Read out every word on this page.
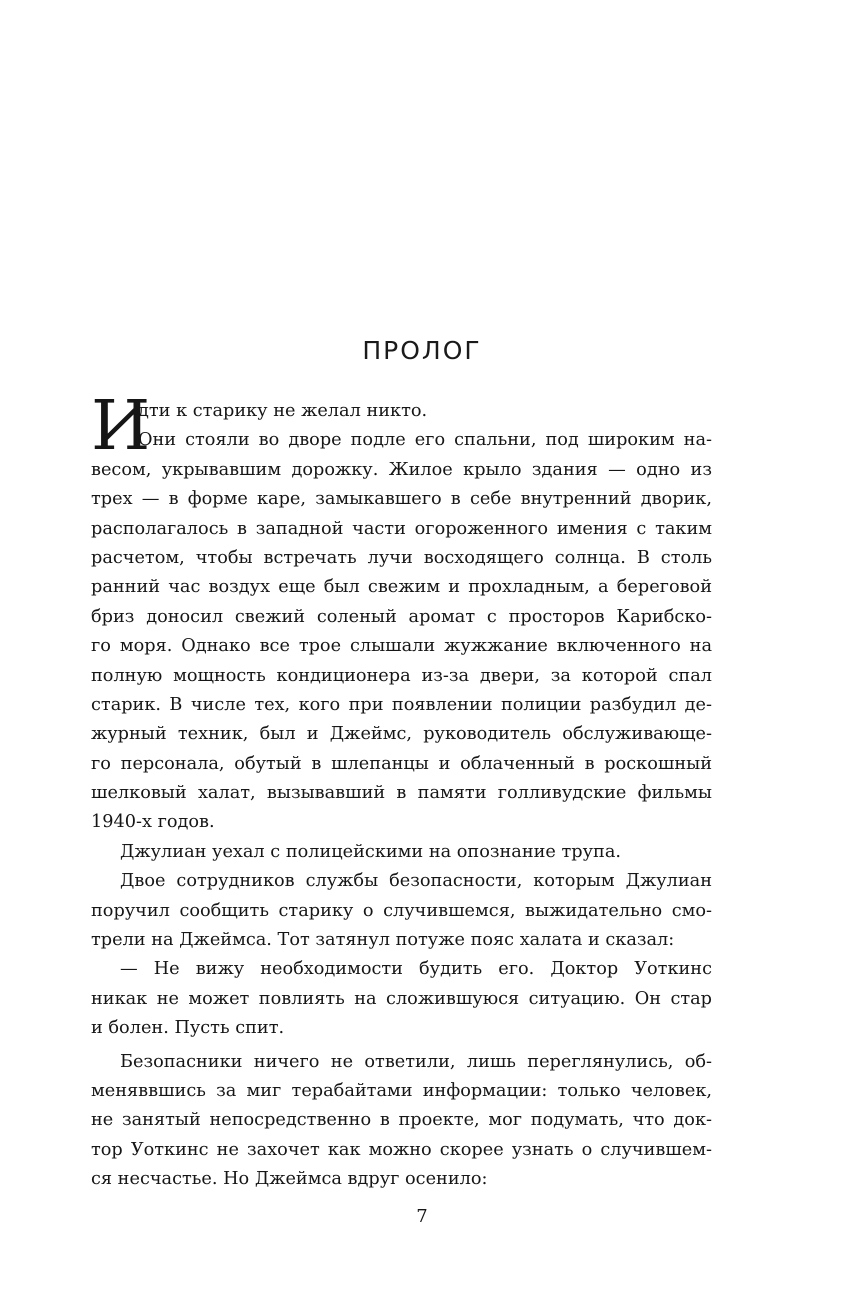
ПРОЛОГ
И
дти к старику не желал никто.
Они стояли во дворе подле его спальни, под широким на-
весом, укрывавшим дорожку. Жилое крыло здания — одно из
трех — в форме каре, замыкавшего в себе внутренний дворик,
располагалось в западной части огороженного имения с таким
расчетом, чтобы встречать лучи восходящего солнца. В столь
ранний час воздух еще был свежим и прохладным, а береговой
бриз доносил свежий соленый аромат с просторов Карибско-
го моря. Однако все трое слышали жужжание включенного на
полную мощность кондиционера из-за двери, за которой спал
старик. В числе тех, кого при появлении полиции разбудил де-
журный техник, был и Джеймс, руководитель обслуживающе-
го персонала, обутый в шлепанцы и облаченный в роскошный
шелковый халат, вызывавший в памяти голливудские фильмы
1940-х годов.
Джулиан уехал с полицейскими на опознание трупа.
Двое сотрудников службы безопасности, которым Джулиан
поручил сообщить старику о случившемся, выжидательно смо-
трели на Джеймса. Тот затянул потуже пояс халата и сказал:
— Не вижу необходимости будить его. Доктор Уоткинс
никак не может повлиять на сложившуюся ситуацию. Он стар
и болен. Пусть спит.
Безопасники ничего не ответили, лишь переглянулись, об-
меняввшись за миг терабайтами информации: только человек,
не занятый непосредственно в проекте, мог подумать, что док-
тор Уоткинс не захочет как можно скорее узнать о случившем-
ся несчастье. Но Джеймса вдруг осенило:
7
